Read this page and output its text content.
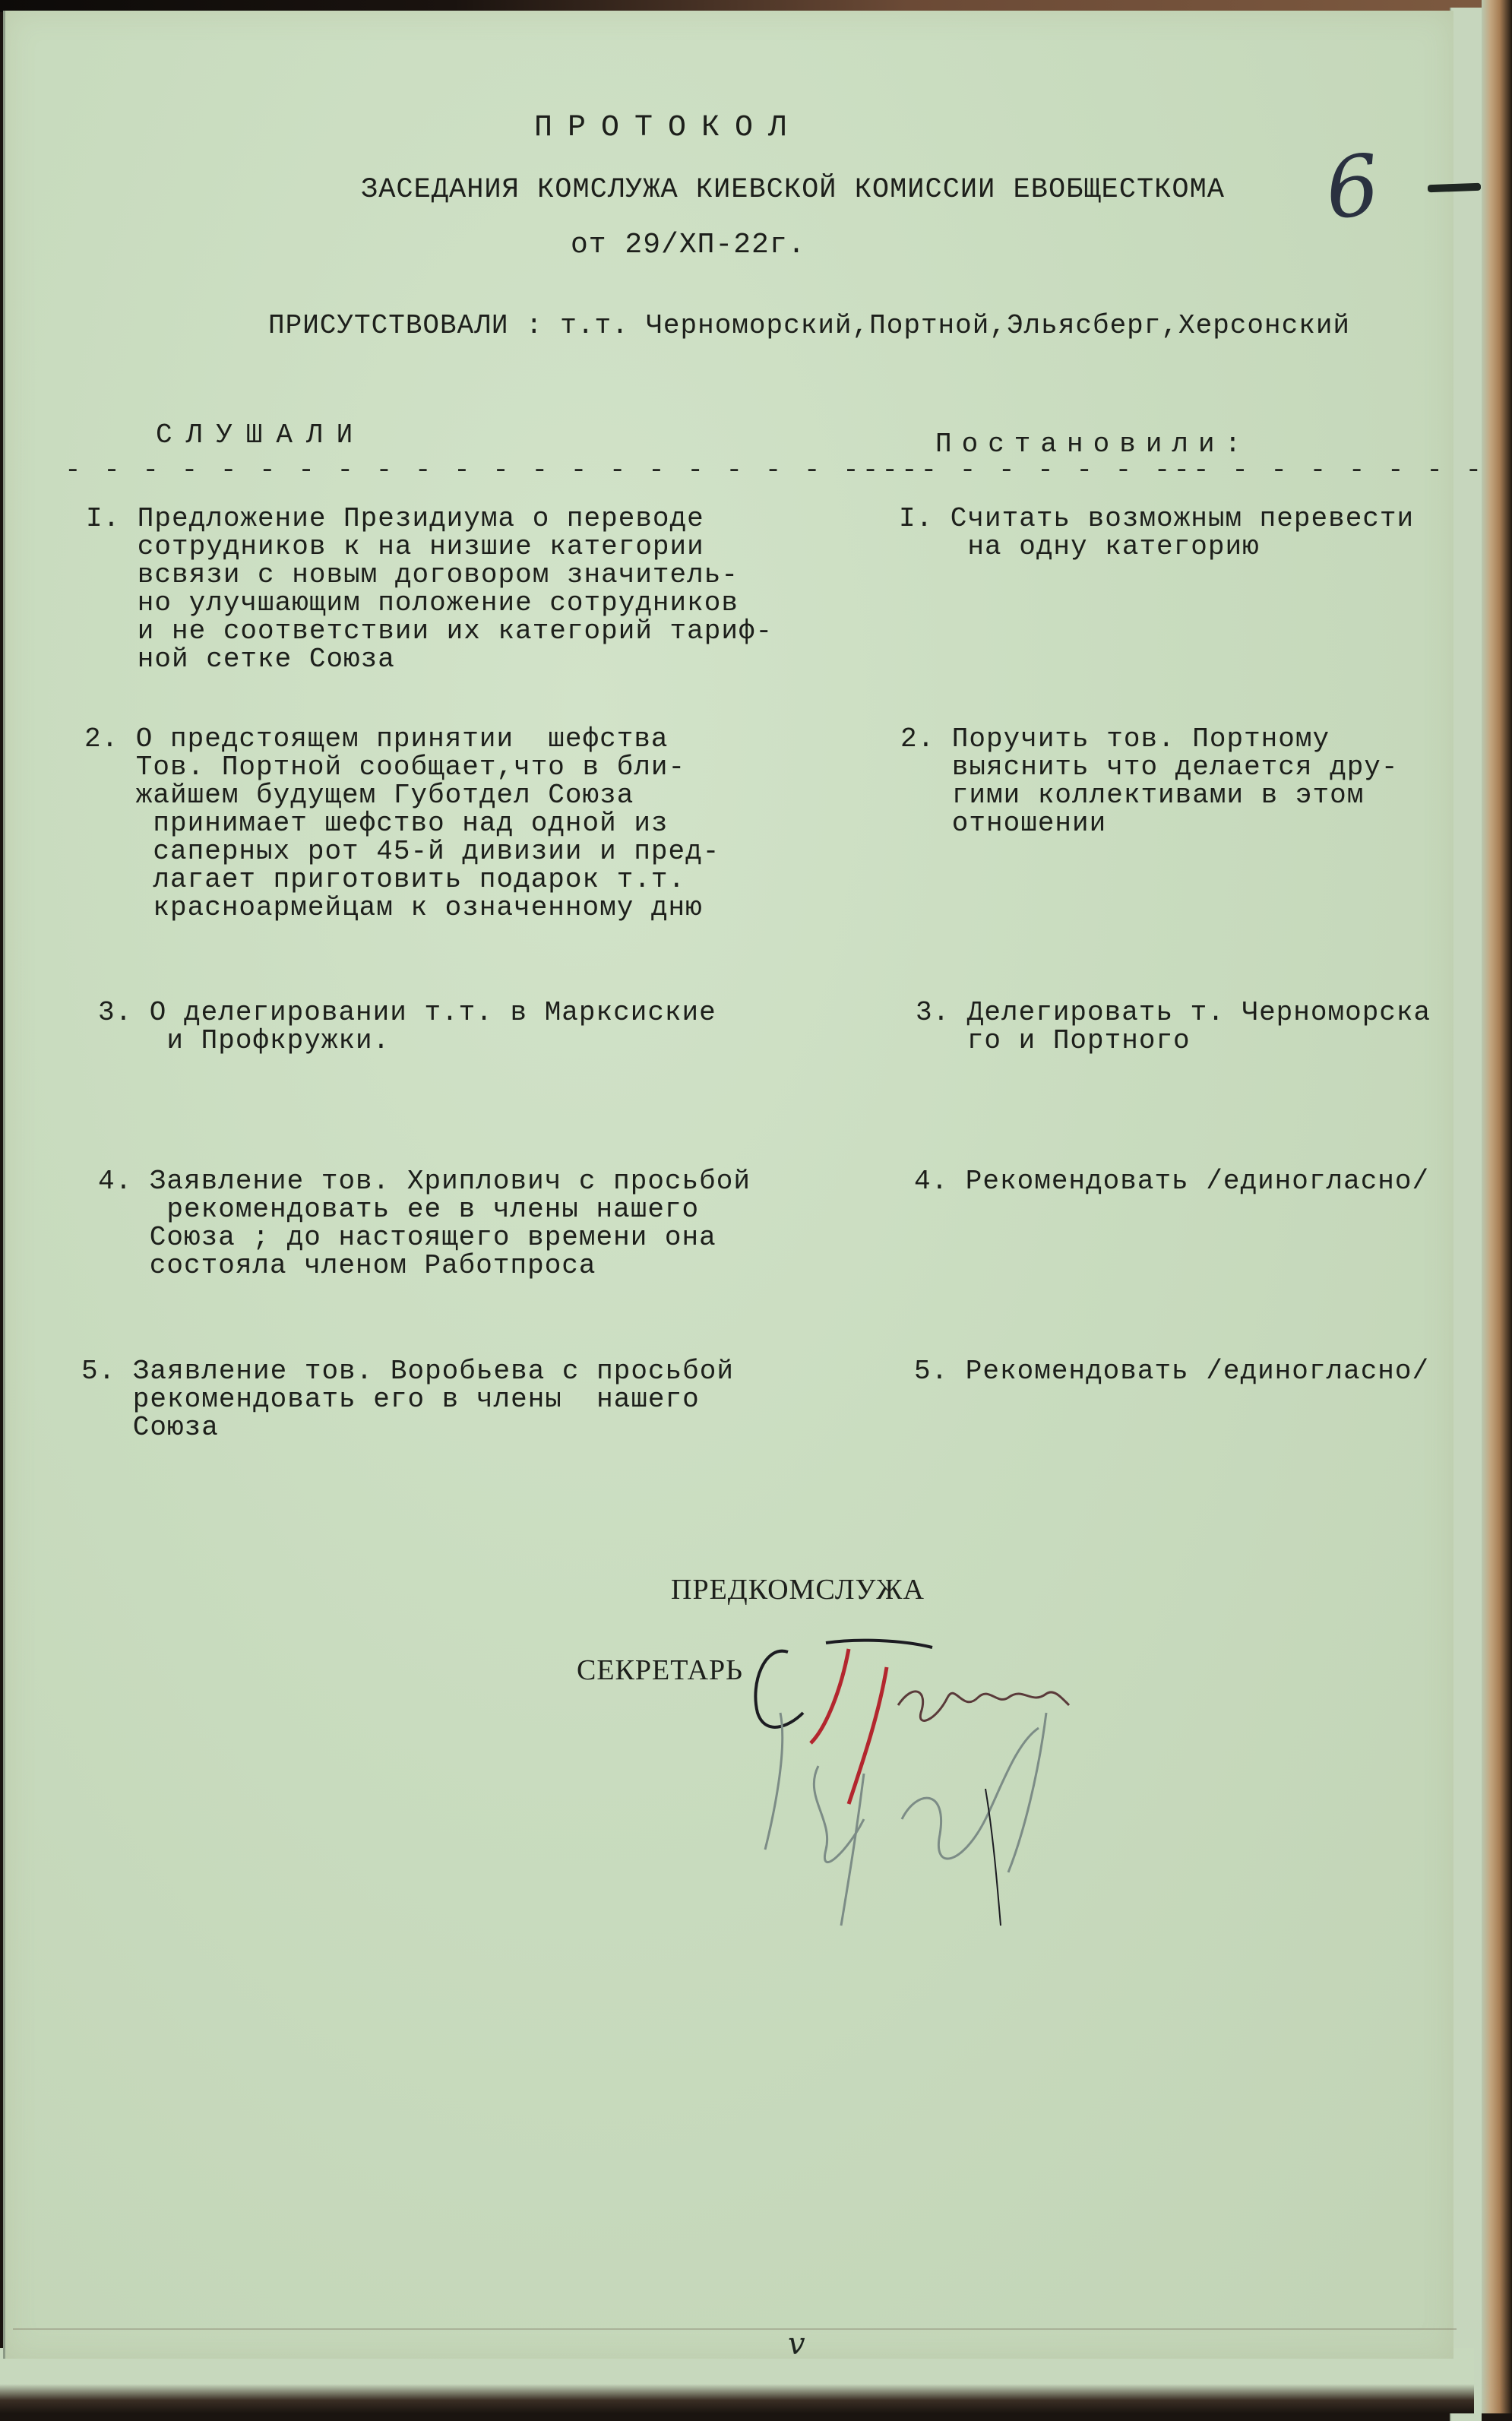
ПРОТОКОЛ
ЗАСЕДАНИЯ КОМСЛУЖА КИЕВСКОЙ КОМИССИИ ЕВОБЩЕСТКОМА
от 29/ХП-22г.
6
ПРИСУТСТВОВАЛИ : т.т. Черноморский,Портной,Эльясберг,Херсонский
СЛУШАЛИ	Постановили:
- - - - - - - - - - - - - - - - - - - - ----- - - - - - --- - - - - - - -
I. Предложение Президиума о переводе
сотрудников к на низшие категории
всвязи с новым договором значитель-
но улучшающим положение сотрудников
и не соответствии их категорий тариф-
ной сетке Союза
I. Считать возможным перевести
на одну категорию
2. О предстоящем принятии  шефства
Тов. Портной сообщает,что в бли-
жайшем будущем Губотдел Союза
принимает шефство над одной из
саперных рот 45-й дивизии и пред-
лагает приготовить подарок т.т.
красноармейцам к означенному дню
2. Поручить тов. Портному
выяснить что делается дру-
гими коллективами в этом
отношении
3. О делегировании т.т. в Марксиские
и Профкружки.
3. Делегировать т. Черноморска
го и Портного
4. Заявление тов. Хриплович с просьбой
рекомендовать ее в члены нашего
Союза ; до настоящего времени она
состояла членом Работпроса
4. Рекомендовать /единогласно/
5. Заявление тов. Воробьева с просьбой
рекомендовать его в члены  нашего
Союза
5. Рекомендовать /единогласно/
ПРЕДКОМСЛУЖА
СЕКРЕТАРЬ
v
